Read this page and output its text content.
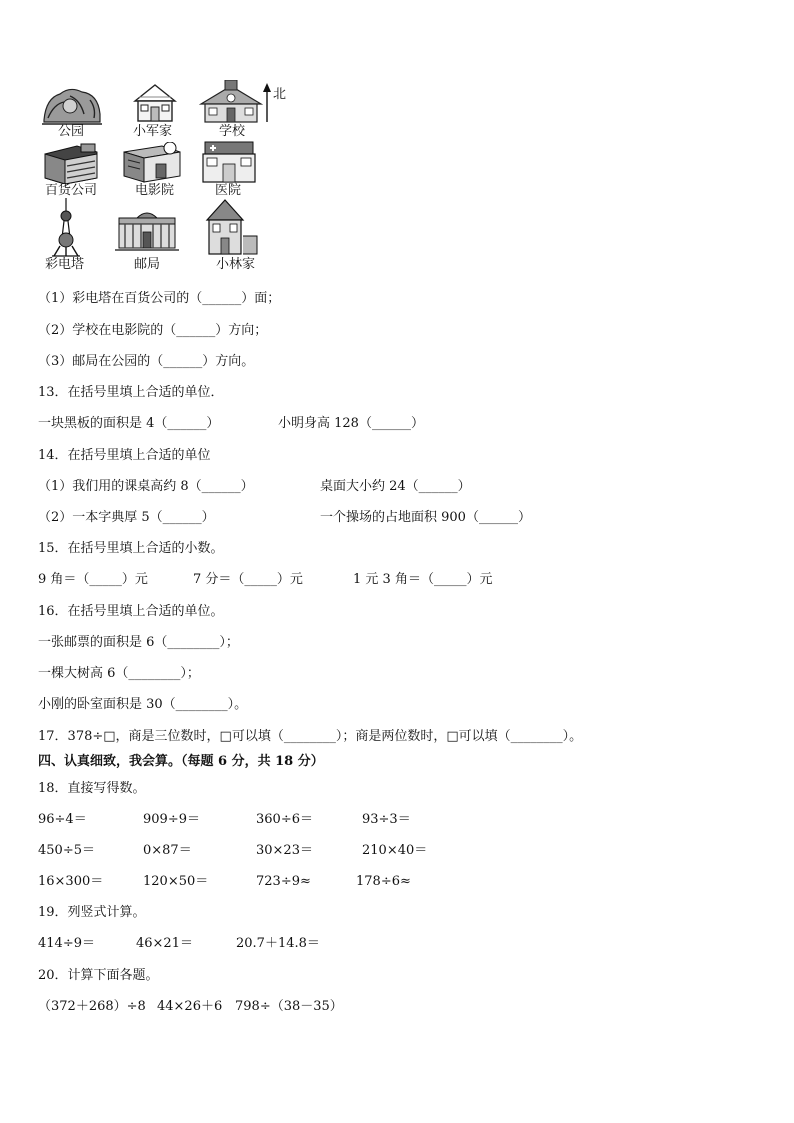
公园	小军家	学校
北
百货公司	电影院	医院
彩电塔	邮局	小林家
（1）彩电塔在百货公司的（______）面；
（2）学校在电影院的（______）方向；
（3）邮局在公园的（______）方向。
13．在括号里填上合适的单位．
一块黑板的面积是 4（______）	小明身高 128（______）
14．在括号里填上合适的单位
（1）我们用的课桌高约 8（______）	桌面大小约 24（______）
（2）一本字典厚 5（______）	一个操场的占地面积 900（______）
15．在括号里填上合适的小数。
9 角＝（_____）元	7 分＝（_____）元	1 元 3 角＝（_____）元
16．在括号里填上合适的单位。
一张邮票的面积是 6（________）；
一棵大树高 6（________）；
小刚的卧室面积是 30（________）。
17．378÷□，商是三位数时，□可以填（________）；商是两位数时，□可以填（________）。
四、认真细致，我会算。（每题 6 分，共 18 分）
18．直接写得数。
96÷4＝	909÷9＝	360÷6＝	93÷3＝
450÷5＝	0×87＝	30×23＝	210×40＝
16×300＝	120×50＝	723÷9≈	178÷6≈
19．列竖式计算。
414÷9＝	46×21＝	20.7＋14.8＝
20．计算下面各题。
（372＋268）÷8 44×26＋6 798÷（38－35）
